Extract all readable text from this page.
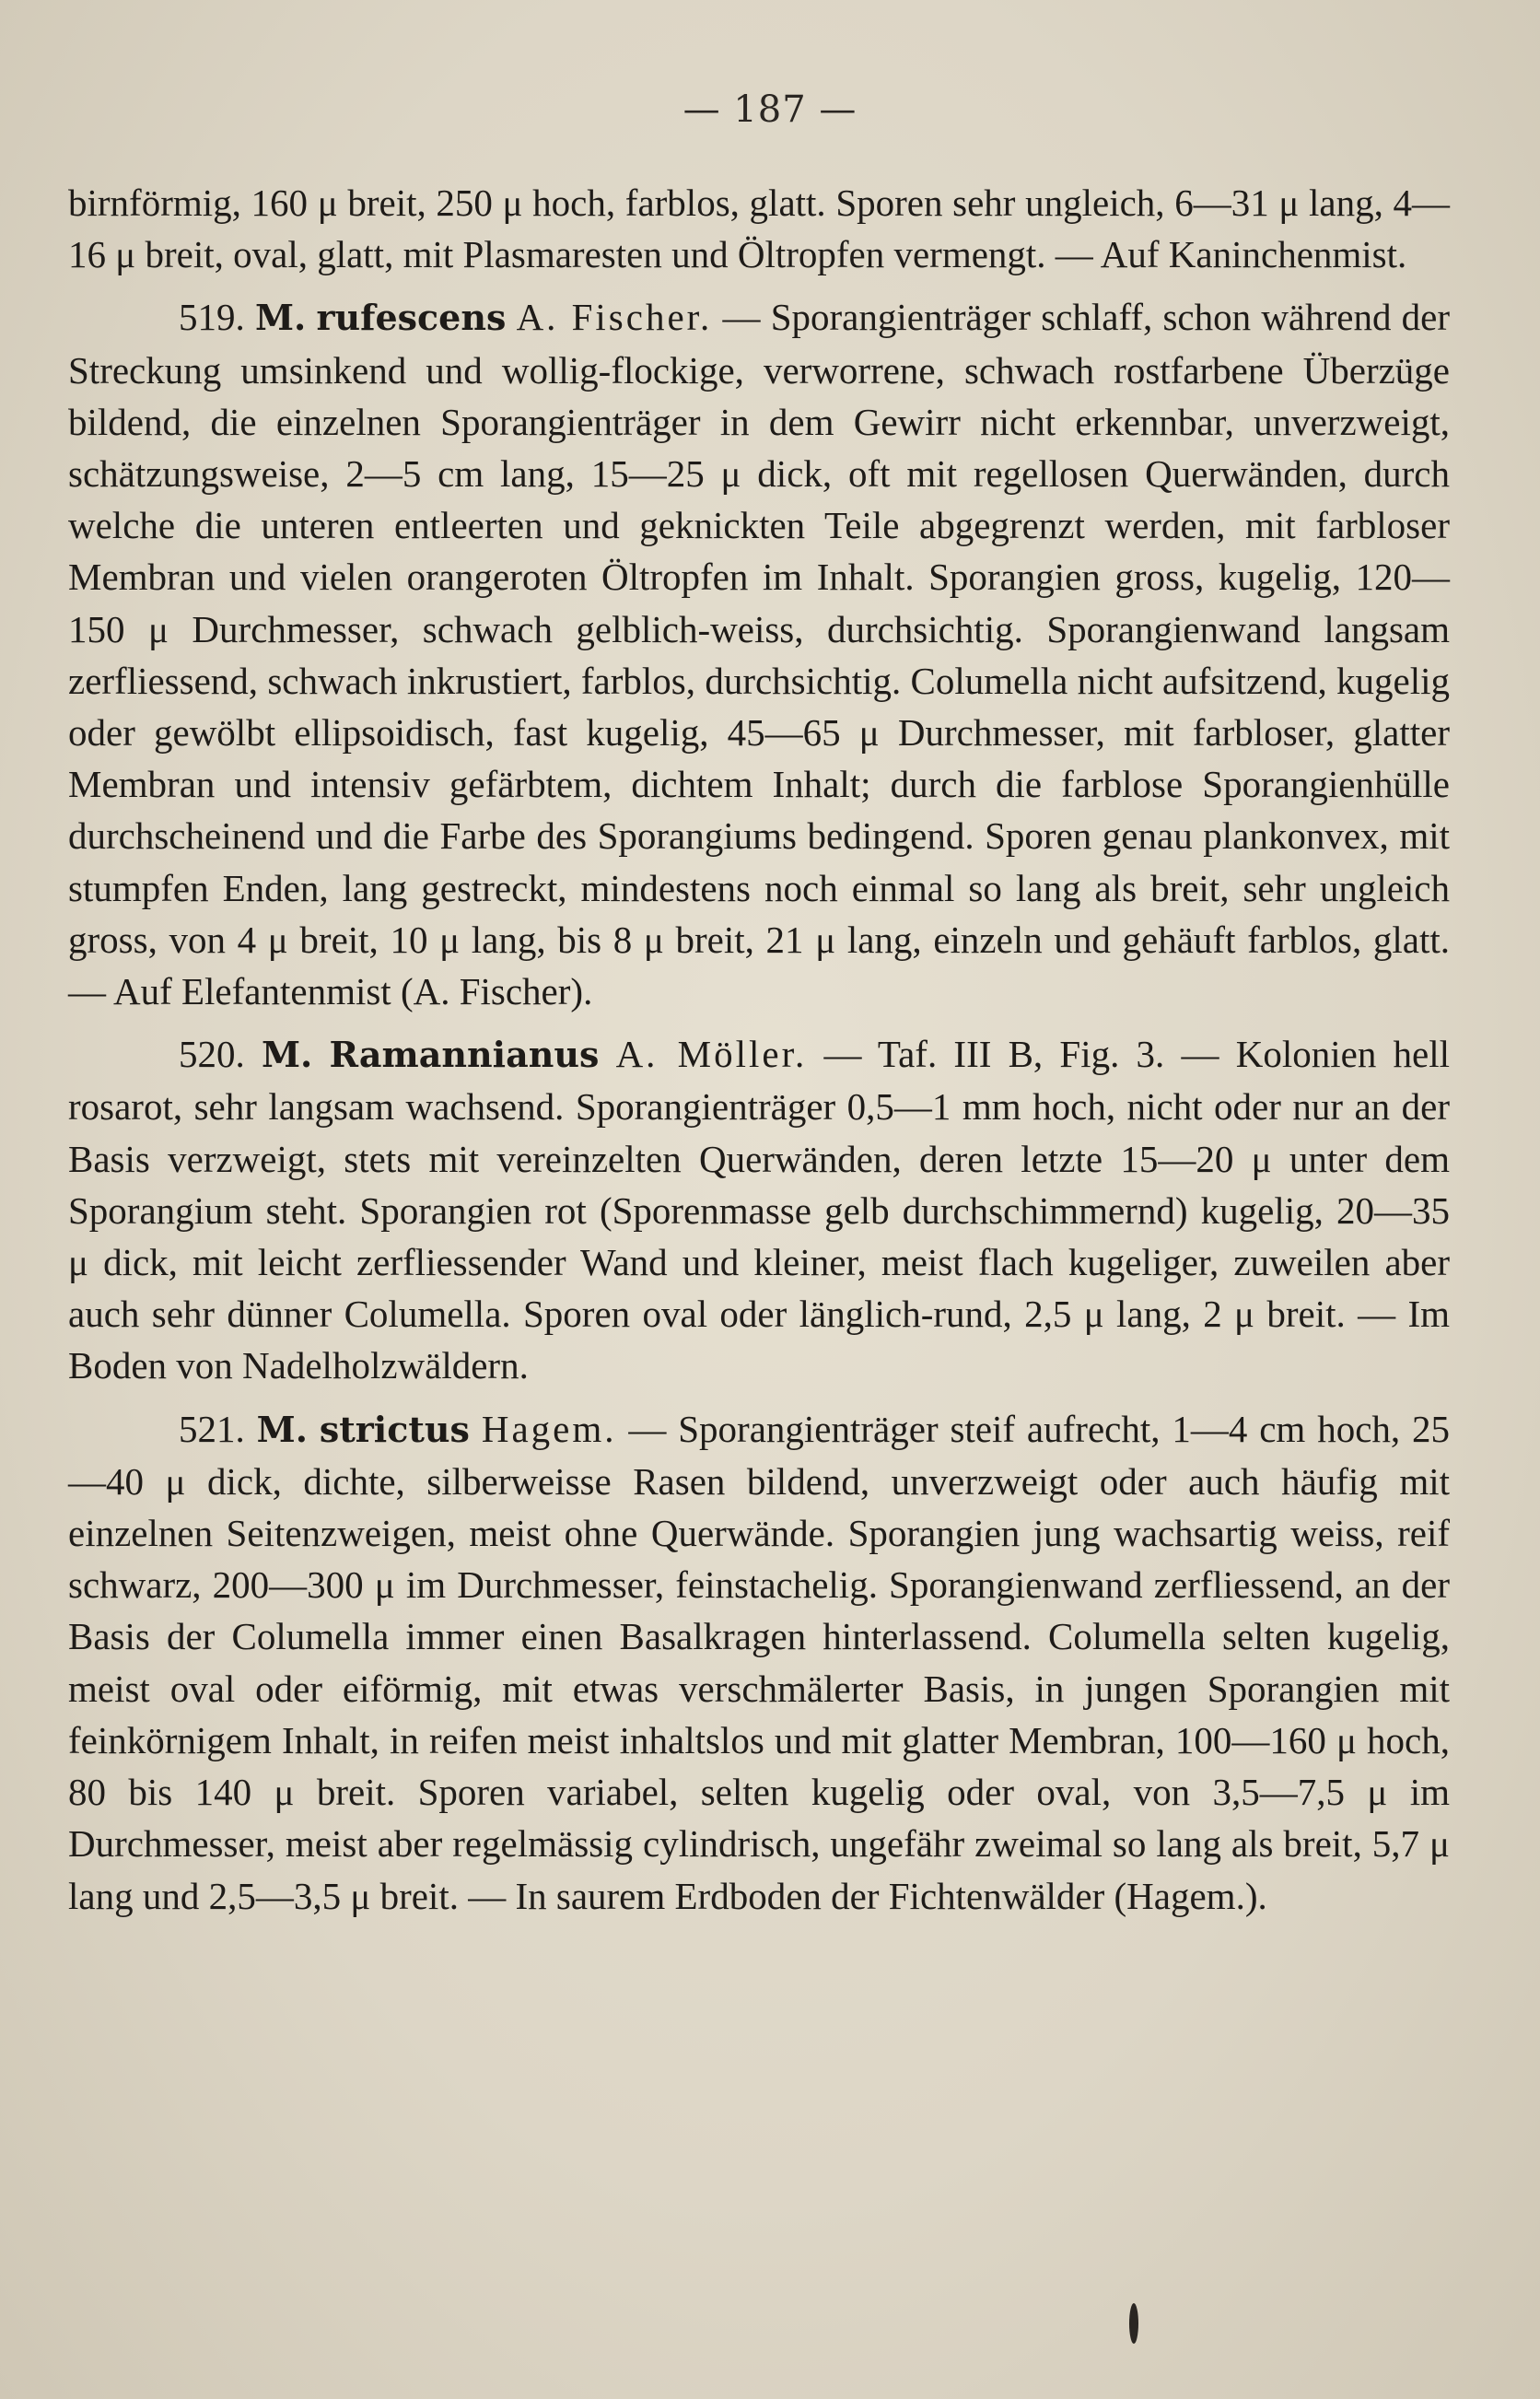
— 187 —

birnförmig, 160 μ breit, 250 μ hoch, farblos, glatt. Sporen sehr ungleich, 6—31 μ lang, 4—16 μ breit, oval, glatt, mit Plasmaresten und Öltropfen vermengt. — Auf Kaninchenmist.

519. M. rufescens A. Fischer. — Sporangienträger schlaff, schon während der Streckung umsinkend und wollig-flockige, verworrene, schwach rostfarbene Überzüge bildend, die einzelnen Sporangienträger in dem Gewirr nicht erkennbar, unverzweigt, schätzungsweise, 2—5 cm lang, 15—25 μ dick, oft mit regellosen Querwänden, durch welche die unteren entleerten und geknickten Teile abgegrenzt werden, mit farbloser Membran und vielen orangeroten Öltropfen im Inhalt. Sporangien gross, kugelig, 120—150 μ Durchmesser, schwach gelblich-weiss, durchsichtig. Sporangienwand langsam zerfliessend, schwach inkrustiert, farblos, durchsichtig. Columella nicht aufsitzend, kugelig oder gewölbt ellipsoidisch, fast kugelig, 45—65 μ Durchmesser, mit farbloser, glatter Membran und intensiv gefärbtem, dichtem Inhalt; durch die farblose Sporangienhülle durchscheinend und die Farbe des Sporangiums bedingend. Sporen genau plankonvex, mit stumpfen Enden, lang gestreckt, mindestens noch einmal so lang als breit, sehr ungleich gross, von 4 μ breit, 10 μ lang, bis 8 μ breit, 21 μ lang, einzeln und gehäuft farblos, glatt. — Auf Elefantenmist (A. Fischer).

520. M. Ramannianus A. Möller. — Taf. III B, Fig. 3. — Kolonien hell rosarot, sehr langsam wachsend. Sporangienträger 0,5—1 mm hoch, nicht oder nur an der Basis verzweigt, stets mit vereinzelten Querwänden, deren letzte 15—20 μ unter dem Sporangium steht. Sporangien rot (Sporenmasse gelb durchschimmernd) kugelig, 20—35 μ dick, mit leicht zerfliessender Wand und kleiner, meist flach kugeliger, zuweilen aber auch sehr dünner Columella. Sporen oval oder länglich-rund, 2,5 μ lang, 2 μ breit. — Im Boden von Nadelholzwäldern.

521. M. strictus Hagem. — Sporangienträger steif aufrecht, 1—4 cm hoch, 25—40 μ dick, dichte, silberweisse Rasen bildend, unverzweigt oder auch häufig mit einzelnen Seitenzweigen, meist ohne Querwände. Sporangien jung wachsartig weiss, reif schwarz, 200—300 μ im Durchmesser, feinstachelig. Sporangienwand zerfliessend, an der Basis der Columella immer einen Basalkragen hinterlassend. Columella selten kugelig, meist oval oder eiförmig, mit etwas verschmälerter Basis, in jungen Sporangien mit feinkörnigem Inhalt, in reifen meist inhaltslos und mit glatter Membran, 100—160 μ hoch, 80 bis 140 μ breit. Sporen variabel, selten kugelig oder oval, von 3,5—7,5 μ im Durchmesser, meist aber regelmässig cylindrisch, ungefähr zweimal so lang als breit, 5,7 μ lang und 2,5—3,5 μ breit. — In saurem Erdboden der Fichtenwälder (Hagem.).
